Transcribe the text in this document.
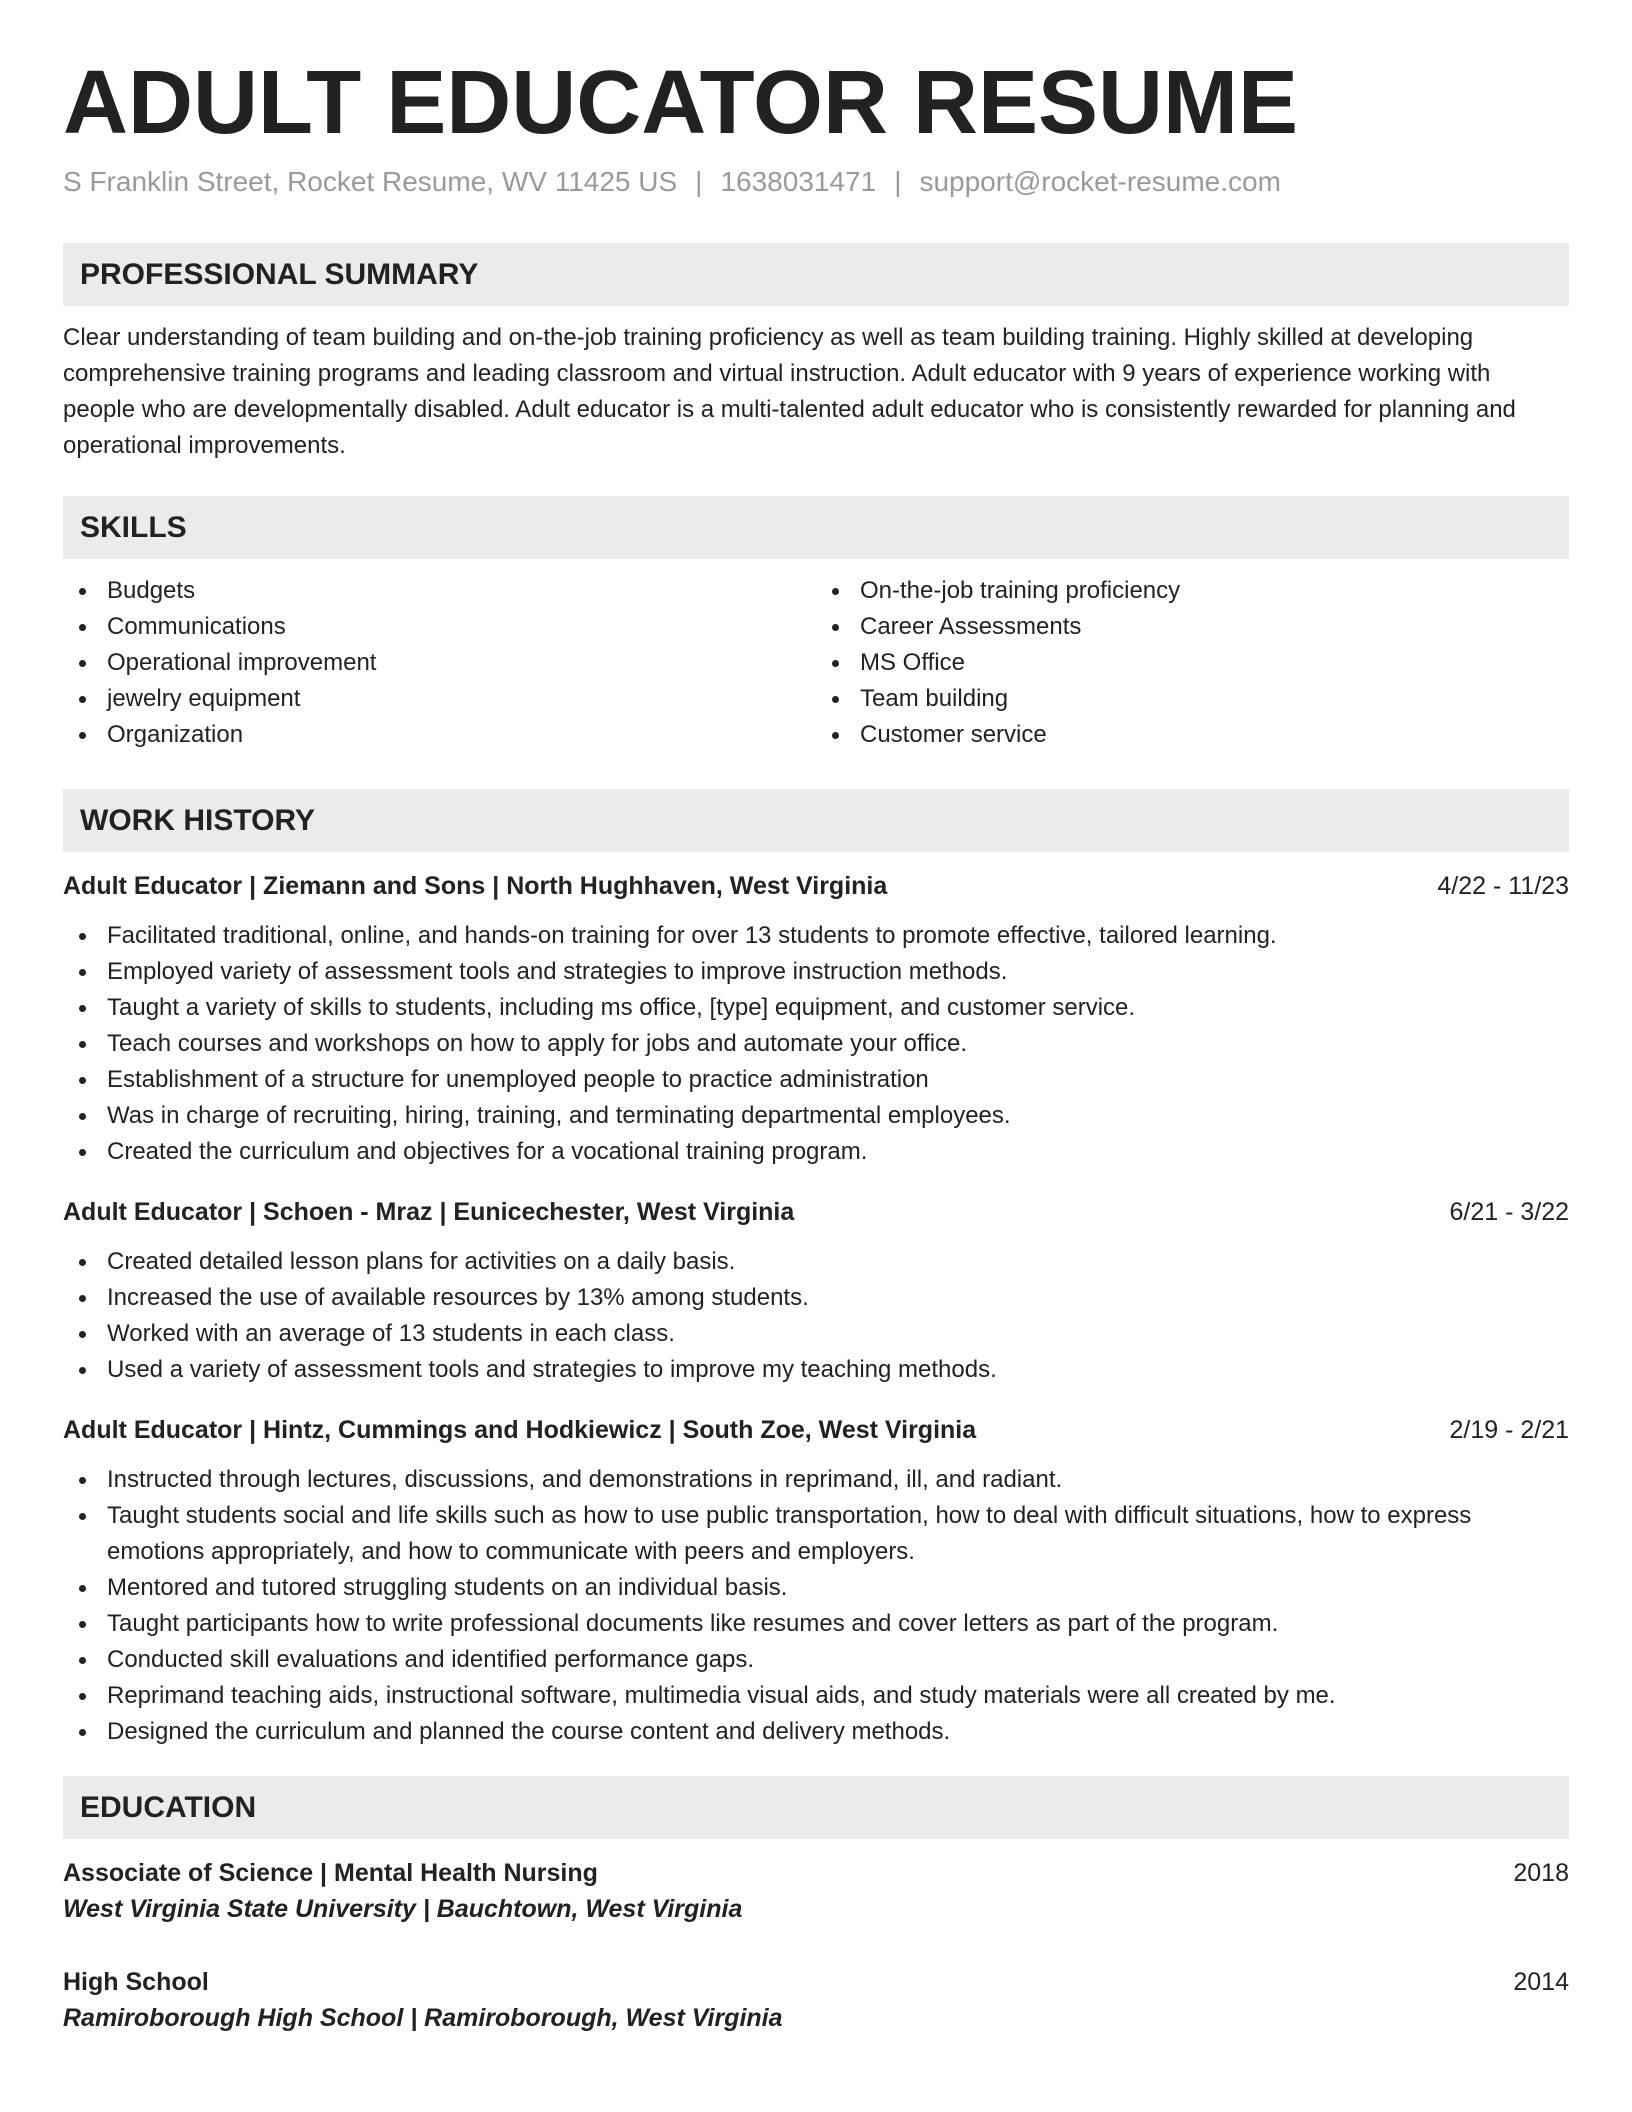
ADULT EDUCATOR RESUME
S Franklin Street, Rocket Resume, WV 11425 US | 1638031471 | support@rocket-resume.com
PROFESSIONAL SUMMARY

Clear understanding of team building and on-the-job training proficiency as well as team building training. Highly skilled at developing comprehensive training programs and leading classroom and virtual instruction. Adult educator with 9 years of experience working with people who are developmentally disabled. Adult educator is a multi-talented adult educator who is consistently rewarded for planning and operational improvements.

SKILLS
Budgets
Communications
Operational improvement
jewelry equipment
Organization
On-the-job training proficiency
Career Assessments
MS Office
Team building
Customer service
WORK HISTORY
Adult Educator | Ziemann and Sons | North Hughhaven, West Virginia	4/22 - 11/23
Facilitated traditional, online, and hands-on training for over 13 students to promote effective, tailored learning.
Employed variety of assessment tools and strategies to improve instruction methods.
Taught a variety of skills to students, including ms office, [type] equipment, and customer service.
Teach courses and workshops on how to apply for jobs and automate your office.
Establishment of a structure for unemployed people to practice administration
Was in charge of recruiting, hiring, training, and terminating departmental employees.
Created the curriculum and objectives for a vocational training program.
Adult Educator | Schoen - Mraz | Eunicechester, West Virginia	6/21 - 3/22
Created detailed lesson plans for activities on a daily basis.
Increased the use of available resources by 13% among students.
Worked with an average of 13 students in each class.
Used a variety of assessment tools and strategies to improve my teaching methods.
Adult Educator | Hintz, Cummings and Hodkiewicz | South Zoe, West Virginia	2/19 - 2/21
Instructed through lectures, discussions, and demonstrations in reprimand, ill, and radiant.
Taught students social and life skills such as how to use public transportation, how to deal with difficult situations, how to express emotions appropriately, and how to communicate with peers and employers.
Mentored and tutored struggling students on an individual basis.
Taught participants how to write professional documents like resumes and cover letters as part of the program.
Conducted skill evaluations and identified performance gaps.
Reprimand teaching aids, instructional software, multimedia visual aids, and study materials were all created by me.
Designed the curriculum and planned the course content and delivery methods.
EDUCATION
Associate of Science | Mental Health Nursing	2018
West Virginia State University | Bauchtown, West Virginia
High School	2014
Ramiroborough High School | Ramiroborough, West Virginia
